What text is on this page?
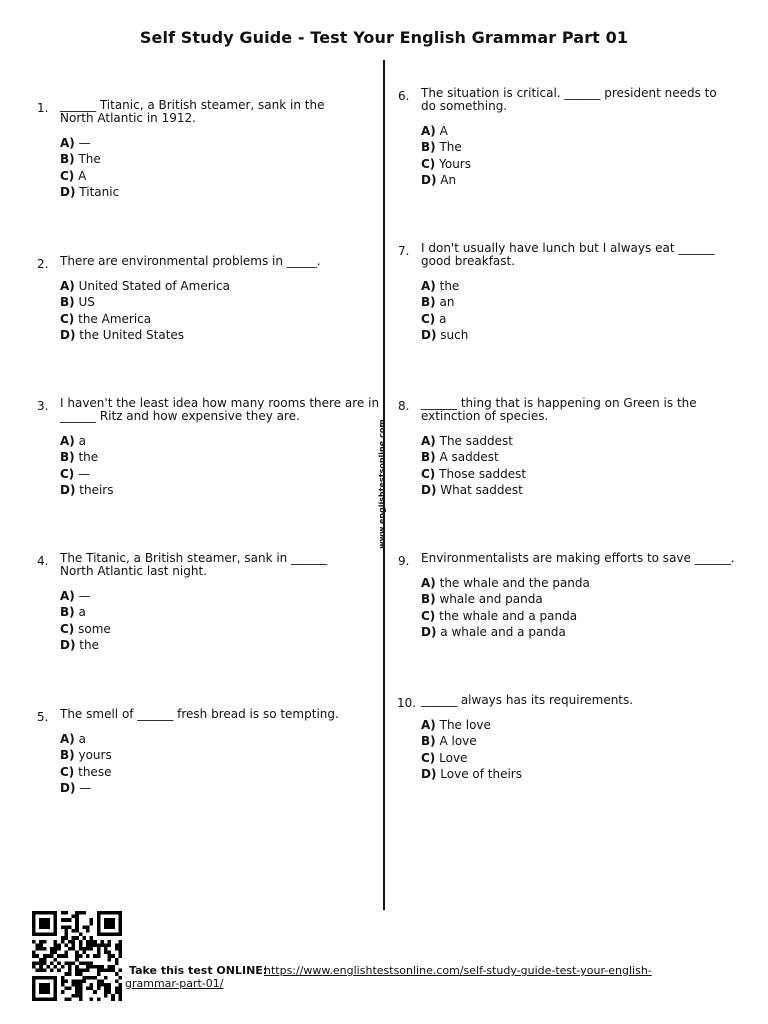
Self Study Guide - Test Your English Grammar Part 01
www.englishtestsonline.com
1. ______ Titanic, a British steamer, sank in the North Atlantic in 1912.

A) —
B) The
C) A
D) Titanic
2. There are environmental problems in _____.

A) United Stated of America
B) US
C) the America
D) the United States
3. I haven't the least idea how many rooms there are in ______ Ritz and how expensive they are.

A) a
B) the
C) —
D) theirs
4. The Titanic, a British steamer, sank in ______ North Atlantic last night.

A) —
B) a
C) some
D) the
5. The smell of ______ fresh bread is so tempting.

A) a
B) yours
C) these
D) —
6. The situation is critical. ______ president needs to do something.

A) A
B) The
C) Yours
D) An
7. I don't usually have lunch but I always eat ______ good breakfast.

A) the
B) an
C) a
D) such
8. ______ thing that is happening on Green is the extinction of species.

A) The saddest
B) A saddest
C) Those saddest
D) What saddest
9. Environmentalists are making efforts to save ______.

A) the whale and the panda
B) whale and panda
C) the whale and a panda
D) a whale and a panda
10. ______ always has its requirements.

A) The love
B) A love
C) Love
D) Love of theirs
https://www.englishtestsonline.com/self-study-guide-test-your-english-grammar-part-01/
Take this test ONLINE:
